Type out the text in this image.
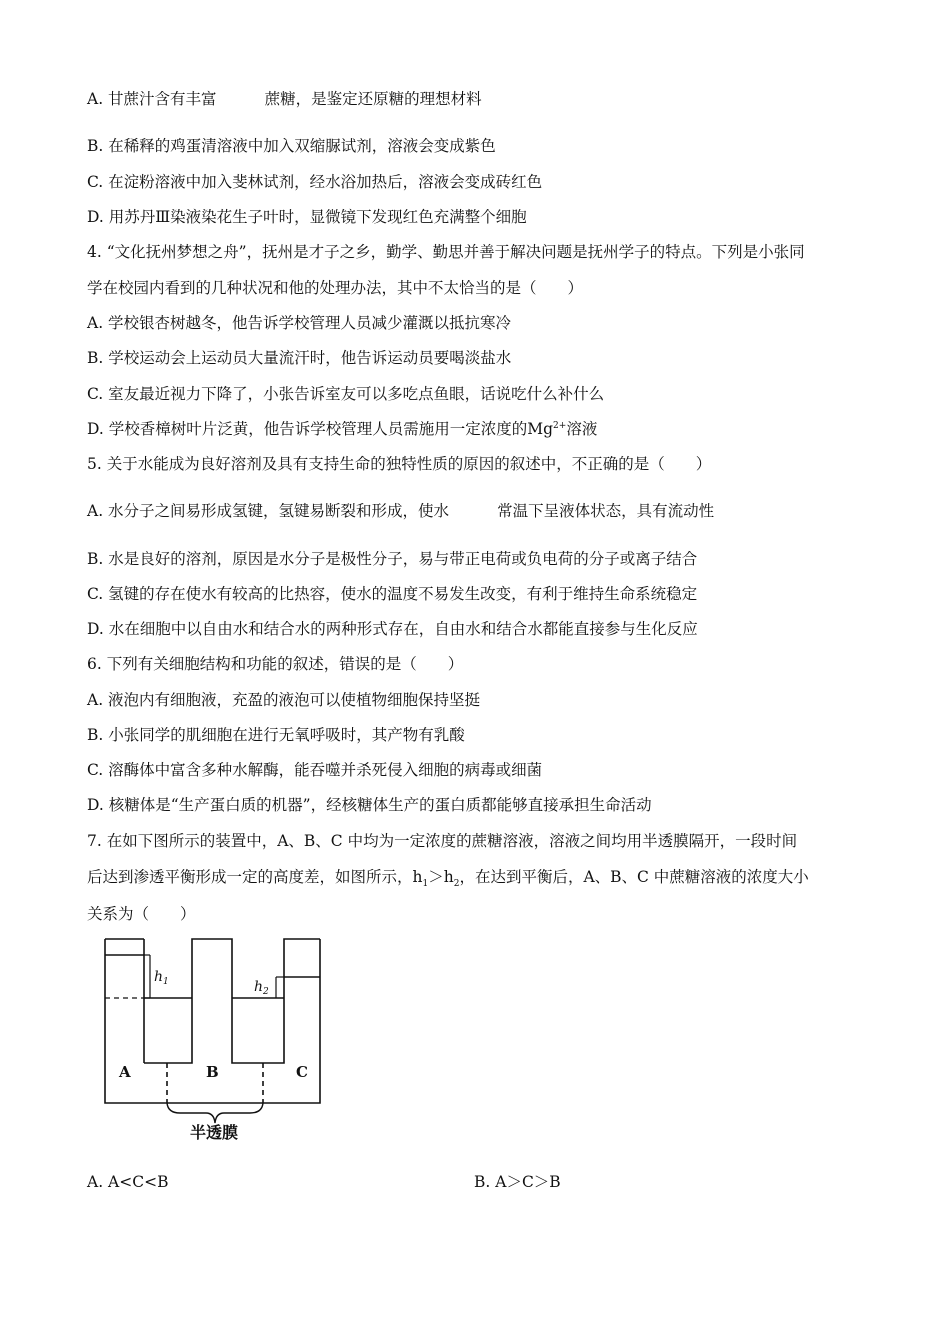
A. 甘蔗汁含有丰富	蔗糖，是鉴定还原糖的理想材料
B. 在稀释的鸡蛋清溶液中加入双缩脲试剂，溶液会变成紫色
C. 在淀粉溶液中加入斐林试剂，经水浴加热后，溶液会变成砖红色
D. 用苏丹Ⅲ染液染花生子叶时，显微镜下发现红色充满整个细胞
4. “文化抚州梦想之舟”，抚州是才子之乡，勤学、勤思并善于解决问题是抚州学子的特点。下列是小张同
学在校园内看到的几种状况和他的处理办法，其中不太恰当的是（　　）
A. 学校银杏树越冬，他告诉学校管理人员减少灌溉以抵抗寒冷
B. 学校运动会上运动员大量流汗时，他告诉运动员要喝淡盐水
C. 室友最近视力下降了，小张告诉室友可以多吃点鱼眼，话说吃什么补什么
D. 学校香樟树叶片泛黄，他告诉学校管理人员需施用一定浓度的$Mg^{2+}$溶液
5. 关于水能成为良好溶剂及具有支持生命的独特性质的原因的叙述中，不正确的是（　　）
A. 水分子之间易形成氢键，氢键易断裂和形成，使水	常温下呈液体状态，具有流动性
B. 水是良好的溶剂，原因是水分子是极性分子，易与带正电荷或负电荷的分子或离子结合
C. 氢键的存在使水有较高的比热容，使水的温度不易发生改变，有利于维持生命系统稳定
D. 水在细胞中以自由水和结合水的两种形式存在，自由水和结合水都能直接参与生化反应
6. 下列有关细胞结构和功能的叙述，错误的是（　　）
A. 液泡内有细胞液，充盈的液泡可以使植物细胞保持坚挺
B. 小张同学的肌细胞在进行无氧呼吸时，其产物有乳酸
C. 溶酶体中富含多种水解酶，能吞噬并杀死侵入细胞的病毒或细菌
D. 核糖体是“生产蛋白质的机器”，经核糖体生产的蛋白质都能够直接承担生命活动
7. 在如下图所示的装置中，A、B、C 中均为一定浓度的蔗糖溶液，溶液之间均用半透膜隔开，一段时间
后达到渗透平衡形成一定的高度差，如图所示，$h_1>h_2$，在达到平衡后，A、B、C 中蔗糖溶液的浓度大小
关系为（　　）
$h_1$	$h_2$
A	B	C
半透膜
A. A<C<B	B. A＞C＞B
